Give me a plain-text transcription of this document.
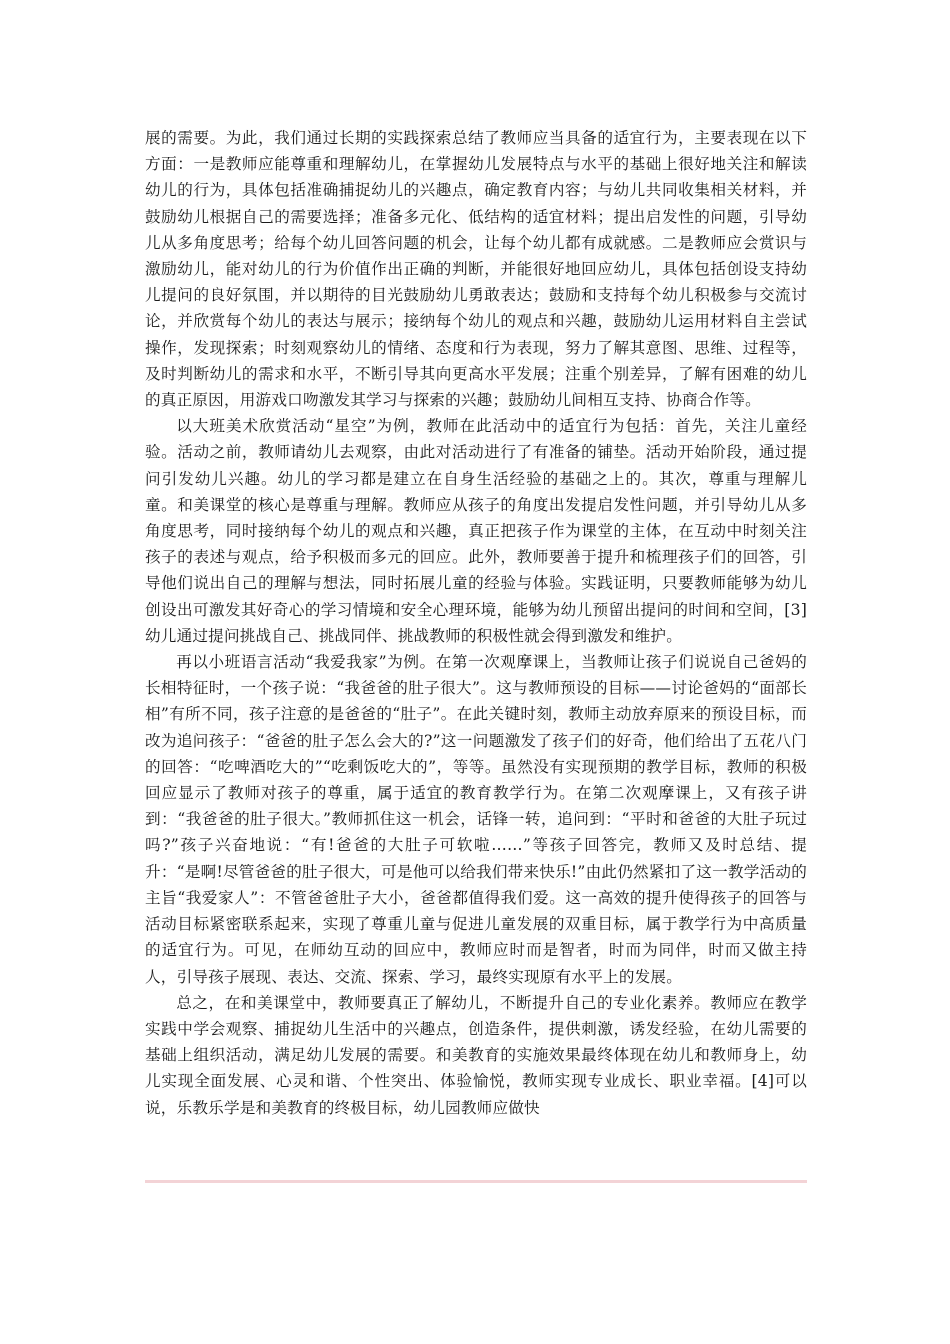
展的需要。为此，我们通过长期的实践探索总结了教师应当具备的适宜行为，主要表现在以下方面：一是教师应能尊重和理解幼儿，在掌握幼儿发展特点与水平的基础上很好地关注和解读幼儿的行为，具体包括准确捕捉幼儿的兴趣点，确定教育内容；与幼儿共同收集相关材料，并鼓励幼儿根据自己的需要选择；准备多元化、低结构的适宜材料；提出启发性的问题，引导幼儿从多角度思考；给每个幼儿回答问题的机会，让每个幼儿都有成就感。二是教师应会赏识与激励幼儿，能对幼儿的行为价值作出正确的判断，并能很好地回应幼儿，具体包括创设支持幼儿提问的良好氛围，并以期待的目光鼓励幼儿勇敢表达；鼓励和支持每个幼儿积极参与交流讨论，并欣赏每个幼儿的表达与展示；接纳每个幼儿的观点和兴趣，鼓励幼儿运用材料自主尝试操作，发现探索；时刻观察幼儿的情绪、态度和行为表现，努力了解其意图、思维、过程等，及时判断幼儿的需求和水平，不断引导其向更高水平发展；注重个别差异，了解有困难的幼儿的真正原因，用游戏口吻激发其学习与探索的兴趣；鼓励幼儿间相互支持、协商合作等。

以大班美术欣赏活动“星空”为例，教师在此活动中的适宜行为包括：首先，关注儿童经验。活动之前，教师请幼儿去观察，由此对活动进行了有准备的铺垫。活动开始阶段，通过提问引发幼儿兴趣。幼儿的学习都是建立在自身生活经验的基础之上的。其次，尊重与理解儿童。和美课堂的核心是尊重与理解。教师应从孩子的角度出发提启发性问题，并引导幼儿从多角度思考，同时接纳每个幼儿的观点和兴趣，真正把孩子作为课堂的主体，在互动中时刻关注孩子的表述与观点，给予积极而多元的回应。此外，教师要善于提升和梳理孩子们的回答，引导他们说出自己的理解与想法，同时拓展儿童的经验与体验。实践证明，只要教师能够为幼儿创设出可激发其好奇心的学习情境和安全心理环境，能够为幼儿预留出提问的时间和空间，[3]幼儿通过提问挑战自己、挑战同伴、挑战教师的积极性就会得到激发和维护。

再以小班语言活动“我爱我家”为例。在第一次观摩课上，当教师让孩子们说说自己爸妈的长相特征时，一个孩子说：“我爸爸的肚子很大”。这与教师预设的目标——讨论爸妈的“面部长相”有所不同，孩子注意的是爸爸的“肚子”。在此关键时刻，教师主动放弃原来的预设目标，而改为追问孩子：“爸爸的肚子怎么会大的?”这一问题激发了孩子们的好奇，他们给出了五花八门的回答：“吃啤酒吃大的”“吃剩饭吃大的”，等等。虽然没有实现预期的教学目标，教师的积极回应显示了教师对孩子的尊重，属于适宜的教育教学行为。在第二次观摩课上，又有孩子讲到：“我爸爸的肚子很大。”教师抓住这一机会，话锋一转，追问到：“平时和爸爸的大肚子玩过吗?”孩子兴奋地说：“有!爸爸的大肚子可软啦……”等孩子回答完，教师又及时总结、提升：“是啊!尽管爸爸的肚子很大，可是他可以给我们带来快乐!”由此仍然紧扣了这一教学活动的主旨“我爱家人”：不管爸爸肚子大小，爸爸都值得我们爱。这一高效的提升使得孩子的回答与活动目标紧密联系起来，实现了尊重儿童与促进儿童发展的双重目标，属于教学行为中高质量的适宜行为。可见，在师幼互动的回应中，教师应时而是智者，时而为同伴，时而又做主持人，引导孩子展现、表达、交流、探索、学习，最终实现原有水平上的发展。

总之，在和美课堂中，教师要真正了解幼儿，不断提升自己的专业化素养。教师应在教学实践中学会观察、捕捉幼儿生活中的兴趣点，创造条件，提供刺激，诱发经验，在幼儿需要的基础上组织活动，满足幼儿发展的需要。和美教育的实施效果最终体现在幼儿和教师身上，幼儿实现全面发展、心灵和谐、个性突出、体验愉悦，教师实现专业成长、职业幸福。[4]可以说，乐教乐学是和美教育的终极目标，幼儿园教师应做快
